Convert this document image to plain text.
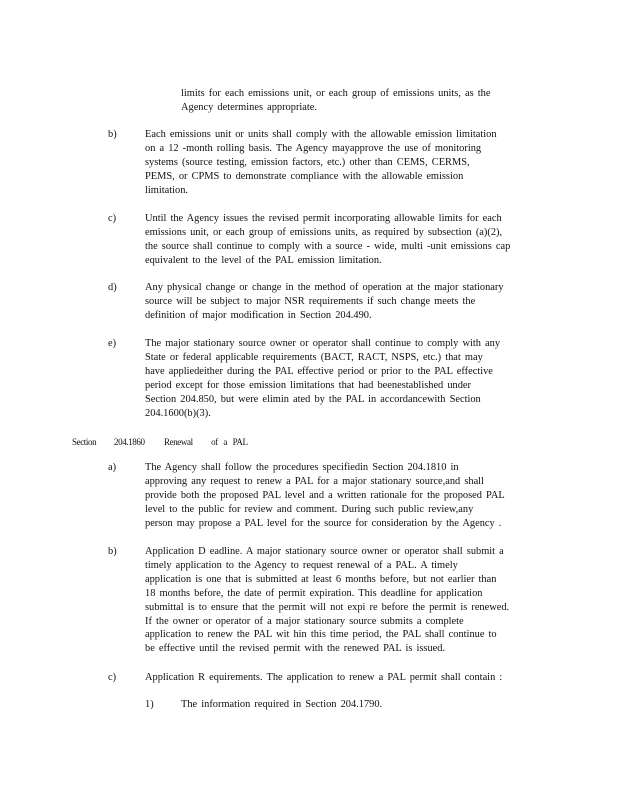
limits for each emissions unit, or each group of emissions units, as the
Agency determines appropriate.
b)	Each emissions unit or units shall comply with the allowable emission limitation
on a 12 -month rolling basis. The Agency mayapprove the use of monitoring
systems (source testing, emission factors, etc.) other than CEMS, CERMS,
PEMS, or CPMS to demonstrate compliance with the allowable emission
limitation.
c)	Until the Agency issues the revised permit incorporating allowable limits for each
emissions unit, or each group of emissions units, as required by subsection (a)(2),
the source shall continue to comply with a source - wide, multi -unit emissions cap
equivalent to the level of the PAL emission limitation.
d)	Any physical change or change in the method of operation at the major stationary
source will be subject to major NSR requirements if such change meets the
definition of major modification in Section 204.490.
e)	The major stationary source owner or operator shall continue to comply with any
State or federal applicable requirements (BACT, RACT, NSPS, etc.) that may
have appliedeither during the PAL effective period or prior to the PAL effective
period except for those emission limitations that had beenestablished under
Section 204.850, but were elimin ated by the PAL in accordancewith Section
204.1600(b)(3).
Section 204.1860 Renewal          of   a   PAL
a)	The Agency shall follow the procedures specifiedin Section 204.1810 in
approving any request to renew a PAL for a major stationary source,and shall
provide both the proposed PAL level and a written rationale for the proposed PAL
level to the public for review and comment. During such public review,any
person may propose a PAL level for the source for consideration by the Agency .
b)	Application D eadline. A major stationary source owner or operator shall submit a
timely application to the Agency to request renewal of a PAL. A timely
application is one that is submitted at least 6 months before, but not earlier than
18 months before, the date of permit expiration. This deadline for application
submittal is to ensure that the permit will not expi re before the permit is renewed.
If the owner or operator of a major stationary source submits a complete
application to renew the PAL wit hin this time period, the PAL shall continue to
be effective until the revised permit with the renewed PAL is issued.
c)	Application R equirements. The application to renew a PAL permit shall contain :
1)	The information required in Section 204.1790.
